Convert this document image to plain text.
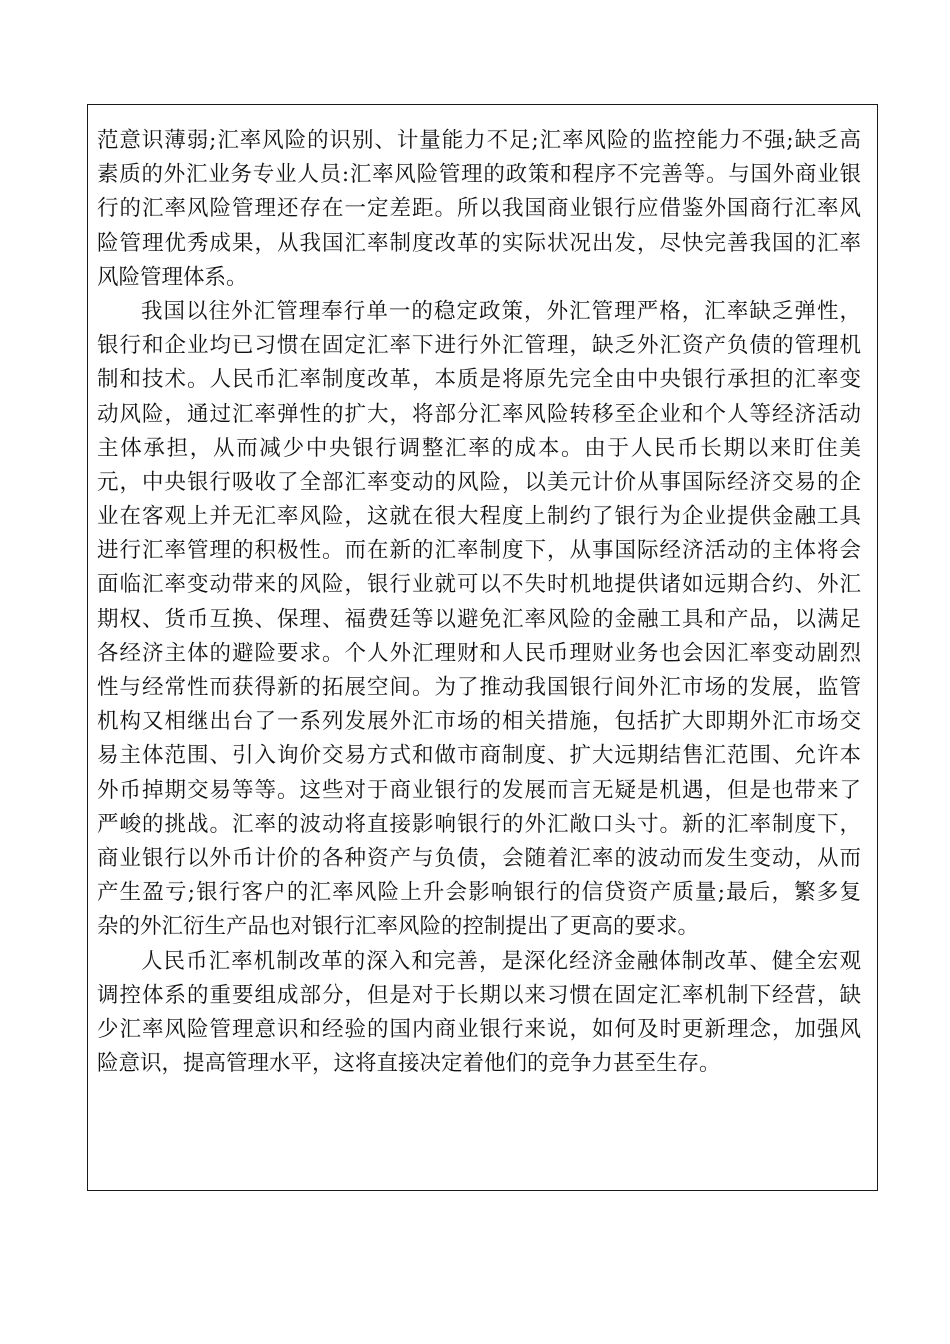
范意识薄弱;汇率风险的识别、计量能力不足;汇率风险的监控能力不强;缺乏高
素质的外汇业务专业人员:汇率风险管理的政策和程序不完善等。与国外商业银
行的汇率风险管理还存在一定差距。所以我国商业银行应借鉴外国商行汇率风
险管理优秀成果，从我国汇率制度改革的实际状况出发，尽快完善我国的汇率
风险管理体系。
我国以往外汇管理奉行单一的稳定政策，外汇管理严格，汇率缺乏弹性，
银行和企业均已习惯在固定汇率下进行外汇管理，缺乏外汇资产负债的管理机
制和技术。人民币汇率制度改革，本质是将原先完全由中央银行承担的汇率变
动风险，通过汇率弹性的扩大，将部分汇率风险转移至企业和个人等经济活动
主体承担，从而减少中央银行调整汇率的成本。由于人民币长期以来盯住美
元，中央银行吸收了全部汇率变动的风险，以美元计价从事国际经济交易的企
业在客观上并无汇率风险，这就在很大程度上制约了银行为企业提供金融工具
进行汇率管理的积极性。而在新的汇率制度下，从事国际经济活动的主体将会
面临汇率变动带来的风险，银行业就可以不失时机地提供诸如远期合约、外汇
期权、货币互换、保理、福费廷等以避免汇率风险的金融工具和产品，以满足
各经济主体的避险要求。个人外汇理财和人民币理财业务也会因汇率变动剧烈
性与经常性而获得新的拓展空间。为了推动我国银行间外汇市场的发展，监管
机构又相继出台了一系列发展外汇市场的相关措施，包括扩大即期外汇市场交
易主体范围、引入询价交易方式和做市商制度、扩大远期结售汇范围、允许本
外币掉期交易等等。这些对于商业银行的发展而言无疑是机遇，但是也带来了
严峻的挑战。汇率的波动将直接影响银行的外汇敞口头寸。新的汇率制度下，
商业银行以外币计价的各种资产与负债，会随着汇率的波动而发生变动，从而
产生盈亏;银行客户的汇率风险上升会影响银行的信贷资产质量;最后，繁多复
杂的外汇衍生产品也对银行汇率风险的控制提出了更高的要求。
人民币汇率机制改革的深入和完善，是深化经济金融体制改革、健全宏观
调控体系的重要组成部分，但是对于长期以来习惯在固定汇率机制下经营，缺
少汇率风险管理意识和经验的国内商业银行来说，如何及时更新理念，加强风
险意识，提高管理水平，这将直接决定着他们的竞争力甚至生存。
